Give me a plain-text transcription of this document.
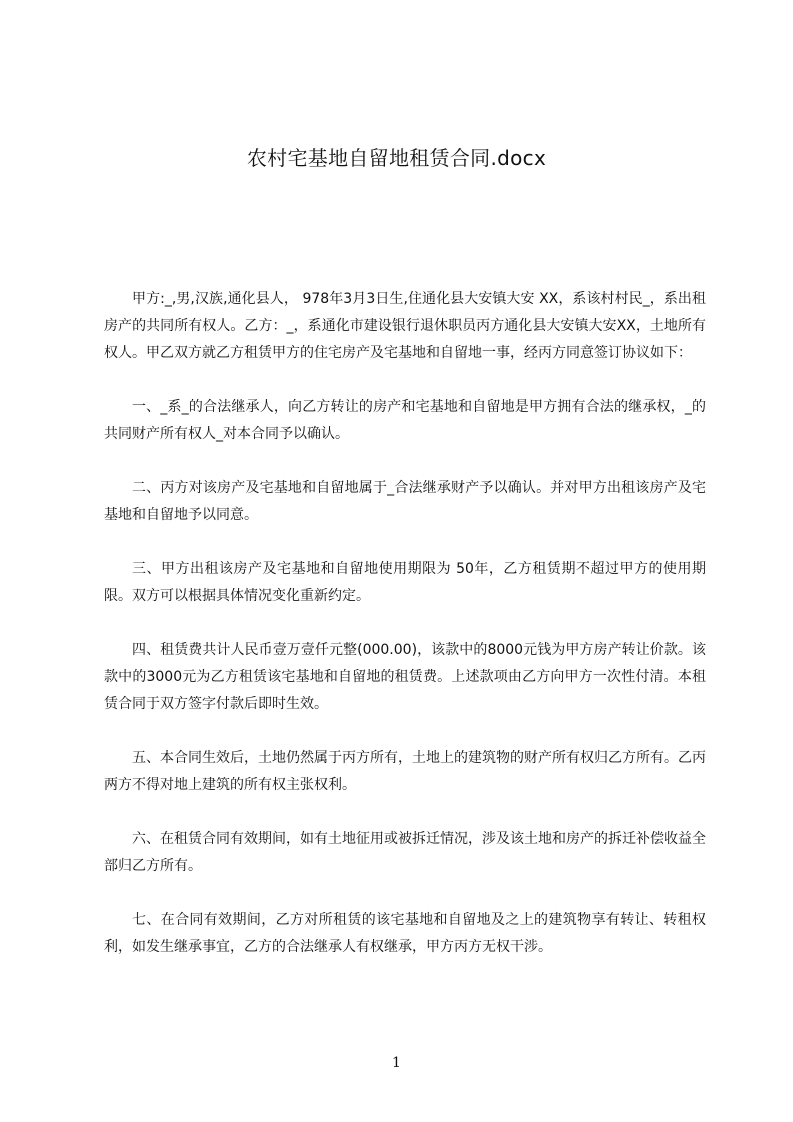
农村宅基地自留地租赁合同.docx

甲方:_,男,汉族,通化县人， 978年3月3日生,住通化县大安镇大安 XX，系该村村民_，系出租房产的共同所有权人。乙方：_，系通化市建设银行退休职员丙方通化县大安镇大安XX，土地所有权人。甲乙双方就乙方租赁甲方的住宅房产及宅基地和自留地一事，经丙方同意签订协议如下：

一、_系_的合法继承人，向乙方转让的房产和宅基地和自留地是甲方拥有合法的继承权，_的共同财产所有权人_对本合同予以确认。

二、丙方对该房产及宅基地和自留地属于_合法继承财产予以确认。并对甲方出租该房产及宅基地和自留地予以同意。

三、甲方出租该房产及宅基地和自留地使用期限为 50年，乙方租赁期不超过甲方的使用期限。双方可以根据具体情况变化重新约定。

四、租赁费共计人民币壹万壹仟元整(000.00)，该款中的8000元钱为甲方房产转让价款。该款中的3000元为乙方租赁该宅基地和自留地的租赁费。上述款项由乙方向甲方一次性付清。本租赁合同于双方签字付款后即时生效。

五、本合同生效后，土地仍然属于丙方所有，土地上的建筑物的财产所有权归乙方所有。乙丙两方不得对地上建筑的所有权主张权利。

六、在租赁合同有效期间，如有土地征用或被拆迁情况，涉及该土地和房产的拆迁补偿收益全部归乙方所有。

七、在合同有效期间，乙方对所租赁的该宅基地和自留地及之上的建筑物享有转让、转租权利，如发生继承事宜，乙方的合法继承人有权继承，甲方丙方无权干涉。

1
